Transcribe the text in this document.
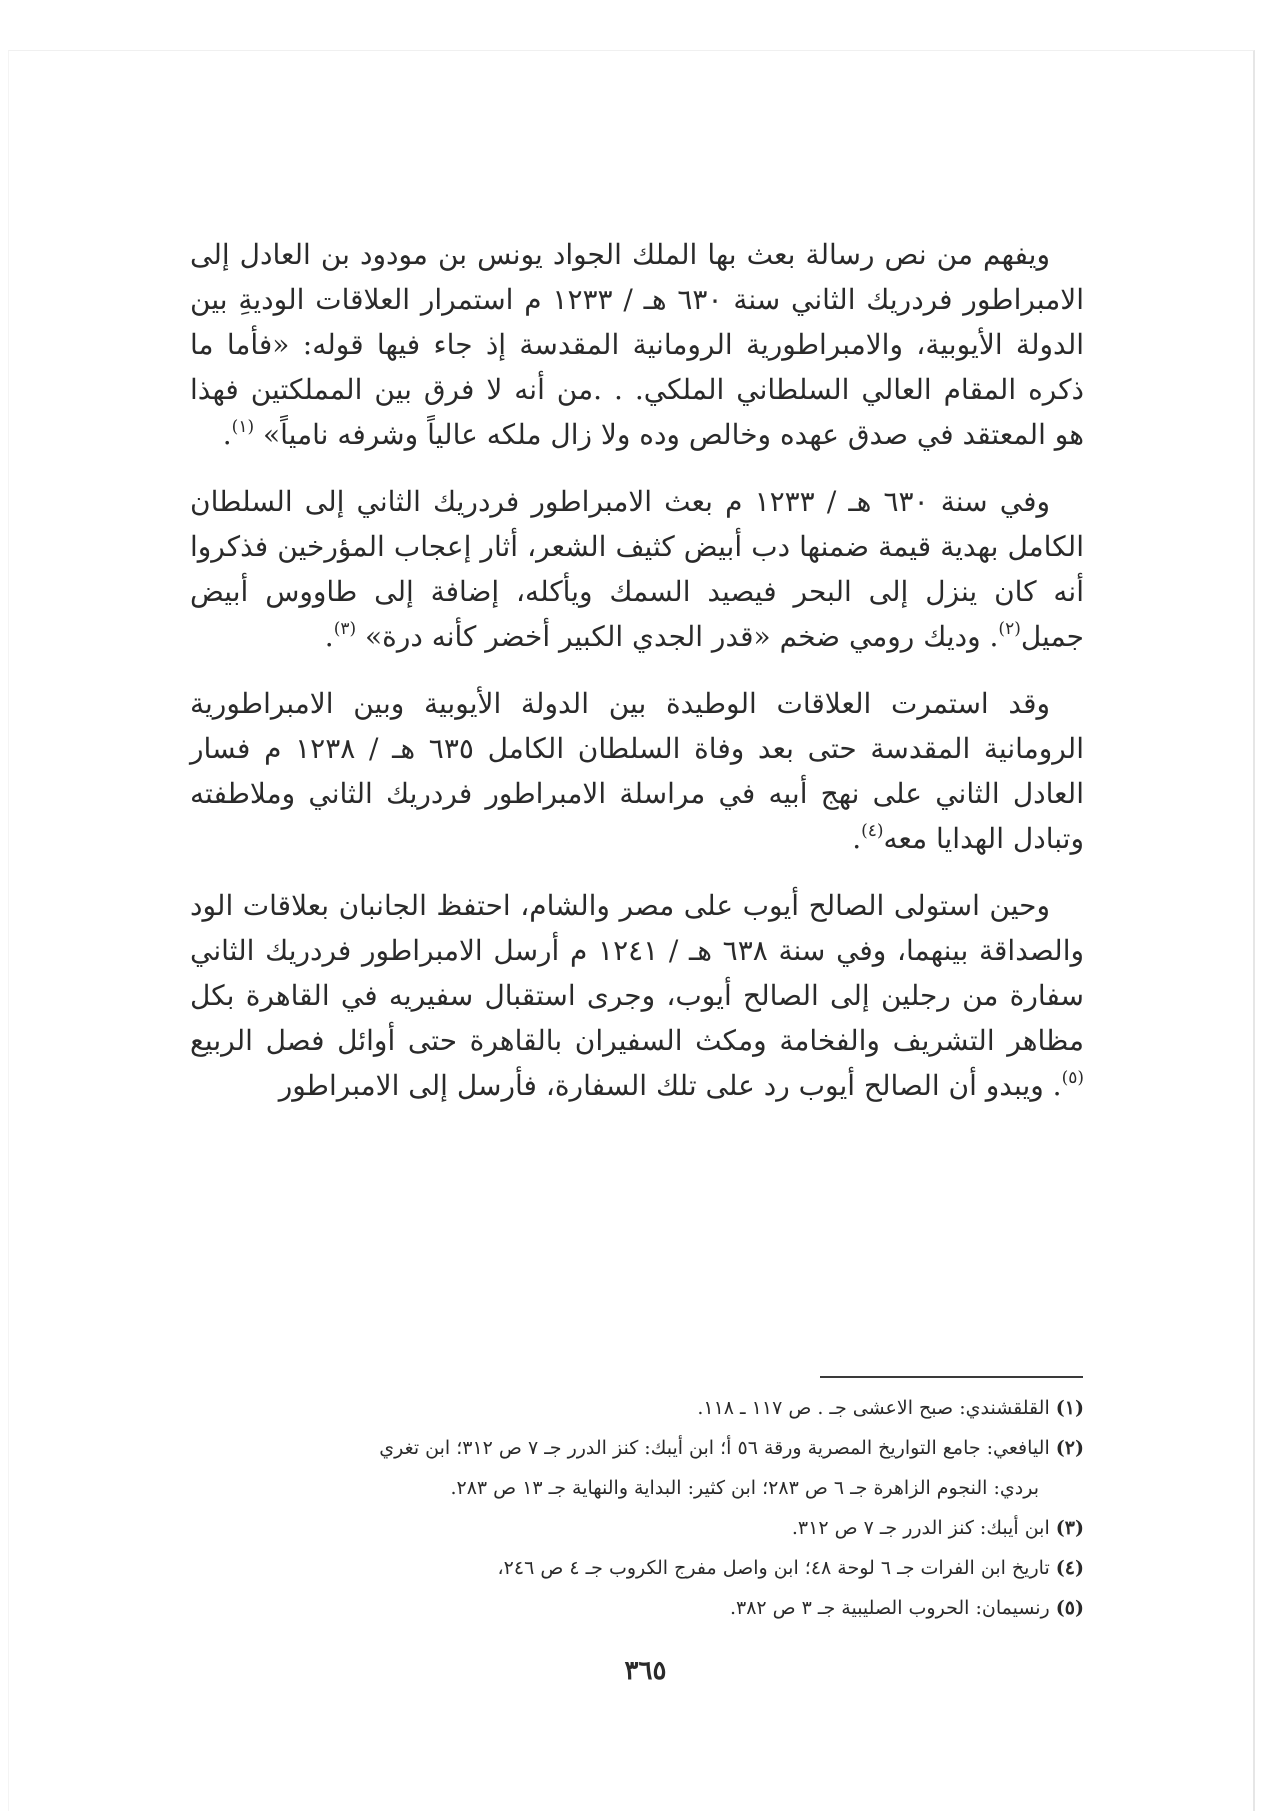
ويفهم من نص رسالة بعث بها الملك الجواد يونس بن مودود بن العادل إلى الامبراطور فردريك الثاني سنة ٦٣٠ هـ / ١٢٣٣ م استمرار العلاقات الوديةِ بين الدولة الأيوبية، والامبراطورية الرومانية المقدسة إذ جاء فيها قوله: «فأما ما ذكره المقام العالي السلطاني الملكي. . .من أنه لا فرق بين المملكتين فهذا هو المعتقد في صدق عهده وخالص وده ولا زال ملكه عالياً وشرفه نامياً» $^{(١)}$.
وفي سنة ٦٣٠ هـ / ١٢٣٣ م بعث الامبراطور فردريك الثاني إلى السلطان الكامل بهدية قيمة ضمنها دب أبيض كثيف الشعر، أثار إعجاب المؤرخين فذكروا أنه كان ينزل إلى البحر فيصيد السمك ويأكله، إضافة إلى طاووس أبيض جميل$^{(٢)}$. وديك رومي ضخم «قدر الجدي الكبير أخضر كأنه درة» $^{(٣)}$.
وقد استمرت العلاقات الوطيدة بين الدولة الأيوبية وبين الامبراطورية الرومانية المقدسة حتى بعد وفاة السلطان الكامل ٦٣٥ هـ / ١٢٣٨ م فسار العادل الثاني على نهج أبيه في مراسلة الامبراطور فردريك الثاني وملاطفته وتبادل الهدايا معه$^{(٤)}$.
وحين استولى الصالح أيوب على مصر والشام، احتفظ الجانبان بعلاقات الود والصداقة بينهما، وفي سنة ٦٣٨ هـ / ١٢٤١ م أرسل الامبراطور فردريك الثاني سفارة من رجلين إلى الصالح أيوب، وجرى استقبال سفيريه في القاهرة بكل مظاهر التشريف والفخامة ومكث السفيران بالقاهرة حتى أوائل فصل الربيع $^{(٥)}$. ويبدو أن الصالح أيوب رد على تلك السفارة، فأرسل إلى الامبراطور

(١) القلقشندي: صبح الاعشى جـ . ص ١١٧ ـ ١١٨.

(٢) اليافعي: جامع التواريخ المصرية ورقة ٥٦ أ؛ ابن أيبك: كنز الدرر جـ ٧ ص ٣١٢؛ ابن تغري

بردي: النجوم الزاهرة جـ ٦ ص ٢٨٣؛ ابن كثير: البداية والنهاية جـ ١٣ ص ٢٨٣.

(٣) ابن أيبك: كنز الدرر جـ ٧ ص ٣١٢.

(٤) تاريخ ابن الفرات جـ ٦ لوحة ٤٨؛ ابن واصل مفرج الكروب جـ ٤ ص ٢٤٦،

(٥) رنسيمان: الحروب الصليبية جـ ٣ ص ٣٨٢.

٣٦٥
